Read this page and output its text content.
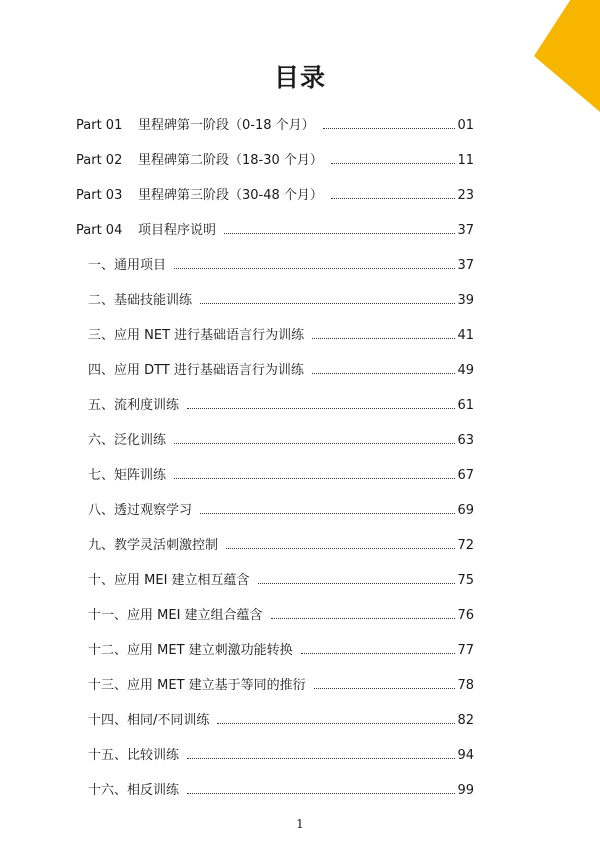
目录
Part 01	里程碑第一阶段（0-18 个月）	01
Part 02	里程碑第二阶段（18-30 个月）	11
Part 03	里程碑第三阶段（30-48 个月）	23
Part 04	项目程序说明	37
一、通用项目	37
二、基础技能训练	39
三、应用 NET 进行基础语言行为训练	41
四、应用 DTT 进行基础语言行为训练	49
五、流利度训练	61
六、泛化训练	63
七、矩阵训练	67
八、透过观察学习	69
九、教学灵活刺激控制	72
十、应用 MEI 建立相互蕴含	75
十一、应用 MEI 建立组合蕴含	76
十二、应用 MET 建立刺激功能转换	77
十三、应用 MET 建立基于等同的推衍	78
十四、相同/不同训练	82
十五、比较训练	94
十六、相反训练	99
1
